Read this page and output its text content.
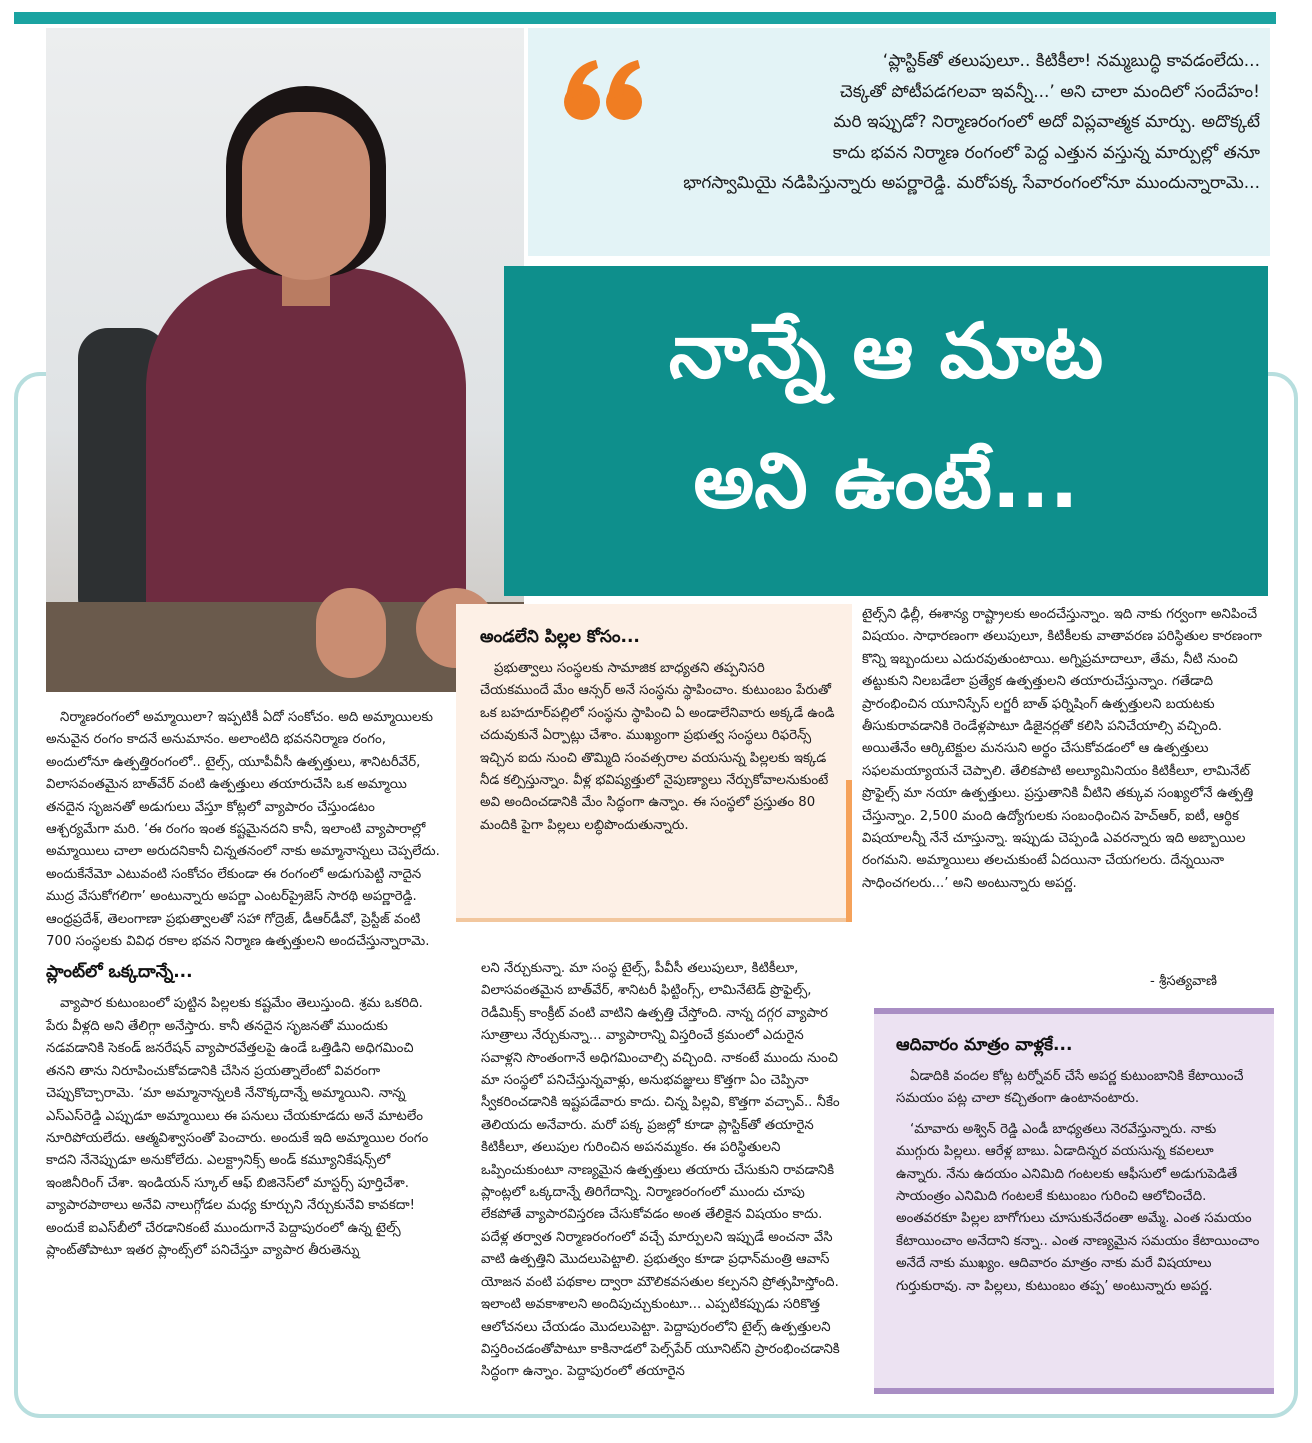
‘ప్లాస్టిక్‌తో తలుపులూ.. కిటికీలా! నమ్మబుద్ధి కావడంలేదు...
చెక్కతో పోటీపడగలవా ఇవన్నీ...’ అని చాలా మందిలో సందేహం!
మరి ఇప్పుడో? నిర్మాణరంగంలో అదో విప్లవాత్మక మార్పు. అదొక్కటే
కాదు భవన నిర్మాణ రంగంలో పెద్ద ఎత్తున వస్తున్న మార్పుల్లో తనూ
భాగస్వామియై నడిపిస్తున్నారు అపర్ణారెడ్డి. మరోపక్క సేవారంగంలోనూ ముందున్నారామె...
నాన్నే ఆ మాట
అని ఉంటే...

నిర్మాణరంగంలో అమ్మాయిలా? ఇప్పటికీ ఏదో సంకోచం. అది అమ్మాయిలకు అనువైన రంగం కాదనే అనుమానం. అలాంటిది భవననిర్మాణ రంగం, అందులోనూ ఉత్పత్తిరంగంలో.. టైల్స్‌, యూపీవీసీ ఉత్పత్తులు, శానిటరీవేర్‌, విలాసవంతమైన బాత్‌వేర్‌ వంటి ఉత్పత్తులు తయారుచేసి ఒక అమ్మాయి తనదైన సృజనతో అడుగులు వేస్తూ కోట్లలో వ్యాపారం చేస్తుండటం ఆశ్చర్యమేగా మరి. ‘ఈ రంగం ఇంత కష్టమైనదని కానీ, ఇలాంటి వ్యాపారాల్లో అమ్మాయిలు చాలా అరుదనికానీ చిన్నతనంలో నాకు అమ్మానాన్నలు చెప్పలేదు. అందుకేనేమో ఎటువంటి సంకోచం లేకుండా ఈ రంగంలో అడుగుపెట్టి నాదైన ముద్ర వేసుకోగలిగా’ అంటున్నారు అపర్ణా ఎంటర్‌ప్రైజెస్‌ సారథి అపర్ణారెడ్డి. ఆంధ్రప్రదేశ్‌, తెలంగాణా ప్రభుత్వాలతో సహా గోద్రెజ్‌, డీఆర్‌డీవో, ప్రెస్టీజ్‌ వంటి 700 సంస్థలకు వివిధ రకాల భవన నిర్మాణ ఉత్పత్తులని అందచేస్తున్నారామె.

ప్లాంట్‌లో ఒక్కదాన్నే...

వ్యాపార కుటుంబంలో పుట్టిన పిల్లలకు కష్టమేం తెలుస్తుంది. శ్రమ ఒకరిది. పేరు వీళ్లది అని తేలిగ్గా అనేస్తారు. కానీ తనదైన సృజనతో ముందుకు నడవడానికి సెకండ్‌ జనరేషన్‌ వ్యాపారవేత్తలపై ఉండే ఒత్తిడిని అధిగమించి తనని తాను నిరూపించుకోవడానికి చేసిన ప్రయత్నాలేంటో వివరంగా చెప్పుకొచ్చారామె. ‘మా అమ్మానాన్నలకి నేనొక్కదాన్నే అమ్మాయిని. నాన్న ఎస్‌ఎస్‌రెడ్డి ఎప్పుడూ అమ్మాయిలు ఈ పనులు చేయకూడదు అనే మాటలేం నూరిపోయలేదు. ఆత్మవిశ్వాసంతో పెంచారు. అందుకే ఇది అమ్మాయిల రంగం కాదని నేనెప్పుడూ అనుకోలేదు. ఎలక్ట్రానిక్స్‌ అండ్‌ కమ్యూనికేషన్స్‌లో ఇంజినీరింగ్‌ చేశా. ఇండియన్‌ స్కూల్‌ ఆఫ్‌ బిజినెస్‌లో మాస్టర్స్‌ పూర్తిచేశా. వ్యాపారపాఠాలు అనేవి నాలుగ్గోడల మధ్య కూర్చుని నేర్చుకునేవి కావకదా! అందుకే ఐఎస్‌బీలో చేరడానికంటే ముందుగానే పెద్దాపురంలో ఉన్న టైల్స్‌ ప్లాంట్‌తోపాటూ ఇతర ప్లాంట్స్‌లో పనిచేస్తూ వ్యాపార తీరుతెన్ను

అండలేని పిల్లల కోసం...

ప్రభుత్వాలు సంస్థలకు సామాజిక బాధ్యతని తప్పనిసరి చేయకముందే మేం ఆన్సర్‌ అనే సంస్థను స్థాపించాం. కుటుంబం పేరుతో ఒక బహదూర్‌పల్లిలో సంస్థను స్థాపించి ఏ అండాలేనివారు అక్కడే ఉండి చదువుకునే ఏర్పాట్లు చేశాం. ముఖ్యంగా ప్రభుత్వ సంస్థలు రిఫరెన్స్‌ ఇచ్చిన ఐదు నుంచి తొమ్మిది సంవత్సరాల వయసున్న పిల్లలకు ఇక్కడ నీడ కల్పిస్తున్నాం. వీళ్ల భవిష్యత్తులో నైపుణ్యాలు నేర్చుకోవాలనుకుంటే అవి అందించడానికి మేం సిద్ధంగా ఉన్నాం. ఈ సంస్థలో ప్రస్తుతం 80 మందికి పైగా పిల్లలు లబ్ధిపొందుతున్నారు.

లని నేర్చుకున్నా. మా సంస్థ టైల్స్‌, పీవీసీ తలుపులూ, కిటికీలూ, విలాసవంతమైన బాత్‌వేర్‌, శానిటరీ ఫిట్టింగ్స్‌, లామినేటెడ్‌ ప్రొఫైల్స్‌, రెడీమిక్స్‌ కాంక్రీట్‌ వంటి వాటిని ఉత్పత్తి చేస్తోంది. నాన్న దగ్గర వ్యాపార సూత్రాలు నేర్చుకున్నా... వ్యాపారాన్ని విస్తరించే క్రమంలో ఎదురైన సవాళ్లని సొంతంగానే అధిగమించాల్సి వచ్చింది. నాకంటే ముందు నుంచి మా సంస్థలో పనిచేస్తున్నవాళ్లు, అనుభవజ్ఞులు కొత్తగా ఏం చెప్పినా స్వీకరించడానికి ఇష్టపడేవారు కాదు. చిన్న పిల్లవి, కొత్తగా వచ్చావ్‌.. నీకేం తెలియదు అనేవారు. మరో పక్క ప్రజల్లో కూడా ప్లాస్టిక్‌తో తయారైన కిటికీలూ, తలుపుల గురించిన అపనమ్మకం. ఈ పరిస్థితులని ఒప్పించుకుంటూ నాణ్యమైన ఉత్పత్తులు తయారు చేసుకుని రావడానికి ప్లాంట్లలో ఒక్కదాన్నే తిరిగేదాన్ని. నిర్మాణరంగంలో ముందు చూపు లేకపోతే వ్యాపారవిస్తరణ చేసుకోవడం అంత తేలికైన విషయం కాదు. పదేళ్ల తర్వాత నిర్మాణరంగంలో వచ్చే మార్పులని ఇప్పుడే అంచనా వేసి వాటి ఉత్పత్తిని మొదలుపెట్టాలి. ప్రభుత్వం కూడా ప్రధాన్‌మంత్రి ఆవాస్‌ యోజన వంటి పథకాల ద్వారా మౌలికవసతుల కల్పనని ప్రోత్సహిస్తోంది. ఇలాంటి అవకాశాలని అందిపుచ్చుకుంటూ... ఎప్పటికప్పుడు సరికొత్త ఆలోచనలు చేయడం మొదలుపెట్టా. పెద్దాపురంలోని టైల్స్‌ ఉత్పత్తులని విస్తరించడంతోపాటూ కాకినాడలో పెల్స్‌పేర్‌ యూనిట్‌ని ప్రారంభించడానికి సిద్ధంగా ఉన్నాం. పెద్దాపురంలో తయారైన

టైల్స్‌ని ఢిల్లీ, ఈశాన్య రాష్ట్రాలకు అందచేస్తున్నాం. ఇది నాకు గర్వంగా అనిపించే విషయం. సాధారణంగా తలుపులూ, కిటికీలకు వాతావరణ పరిస్థితుల కారణంగా కొన్ని ఇబ్బందులు ఎదురవుతుంటాయి. అగ్నిప్రమాదాలూ, తేమ, నీటి నుంచి తట్టుకుని నిలబడేలా ప్రత్యేక ఉత్పత్తులని తయారుచేస్తున్నాం. గతేడాది ప్రారంభించిన యూనిస్పేస్‌ లగ్జరీ బాత్‌ ఫర్నిషింగ్‌ ఉత్పత్తులని బయటకు తీసుకురావడానికి రెండేళ్లపాటూ డిజైనర్లతో కలిసి పనిచేయాల్సి వచ్చింది. అయితేనేం ఆర్కిటెక్టుల మనసుని అర్థం చేసుకోవడంలో ఆ ఉత్పత్తులు సఫలమయ్యాయనే చెప్పాలి. తేలికపాటి అల్యూమినియం కిటికీలూ, లామినేట్‌ ప్రొఫైల్స్‌ మా నయా ఉత్పత్తులు. ప్రస్తుతానికి వీటిని తక్కువ సంఖ్యలోనే ఉత్పత్తి చేస్తున్నాం. 2,500 మంది ఉద్యోగులకు సంబంధించిన హెచ్‌ఆర్‌, ఐటీ, ఆర్థిక విషయాలన్నీ నేనే చూస్తున్నా. ఇప్పుడు చెప్పండి ఎవరన్నారు ఇది అబ్బాయిల రంగమని. అమ్మాయిలు తలచుకుంటే ఏదయినా చేయగలరు. దేన్నయినా సాధించగలరు...’ అని అంటున్నారు అపర్ణ.

- శ్రీసత్యవాణి
ఆదివారం మాత్రం వాళ్లకే...

ఏడాదికి వందల కోట్ల టర్నోవర్‌ చేసే అపర్ణ కుటుంబానికి కేటాయించే సమయం పట్ల చాలా కచ్చితంగా ఉంటానంటారు.

‘మావారు అశ్విన్‌ రెడ్డి ఎండీ బాధ్యతలు నెరవేస్తున్నారు. నాకు ముగ్గురు పిల్లలు. ఆరేళ్ల బాబు. ఏడాదిన్నర వయసున్న కవలలూ ఉన్నారు. నేను ఉదయం ఎనిమిది గంటలకు ఆఫీసులో అడుగుపెడితే సాయంత్రం ఎనిమిది గంటలకే కుటుంబం గురించి ఆలోచించేది. అంతవరకూ పిల్లల బాగోగులు చూసుకునేదంతా అమ్మే. ఎంత సమయం కేటాయించాం అనేదాని కన్నా.. ఎంత నాణ్యమైన సమయం కేటాయించాం అనేదే నాకు ముఖ్యం. ఆదివారం మాత్రం నాకు మరే విషయాలు గుర్తుకురావు. నా పిల్లలు, కుటుంబం తప్ప’ అంటున్నారు అపర్ణ.
